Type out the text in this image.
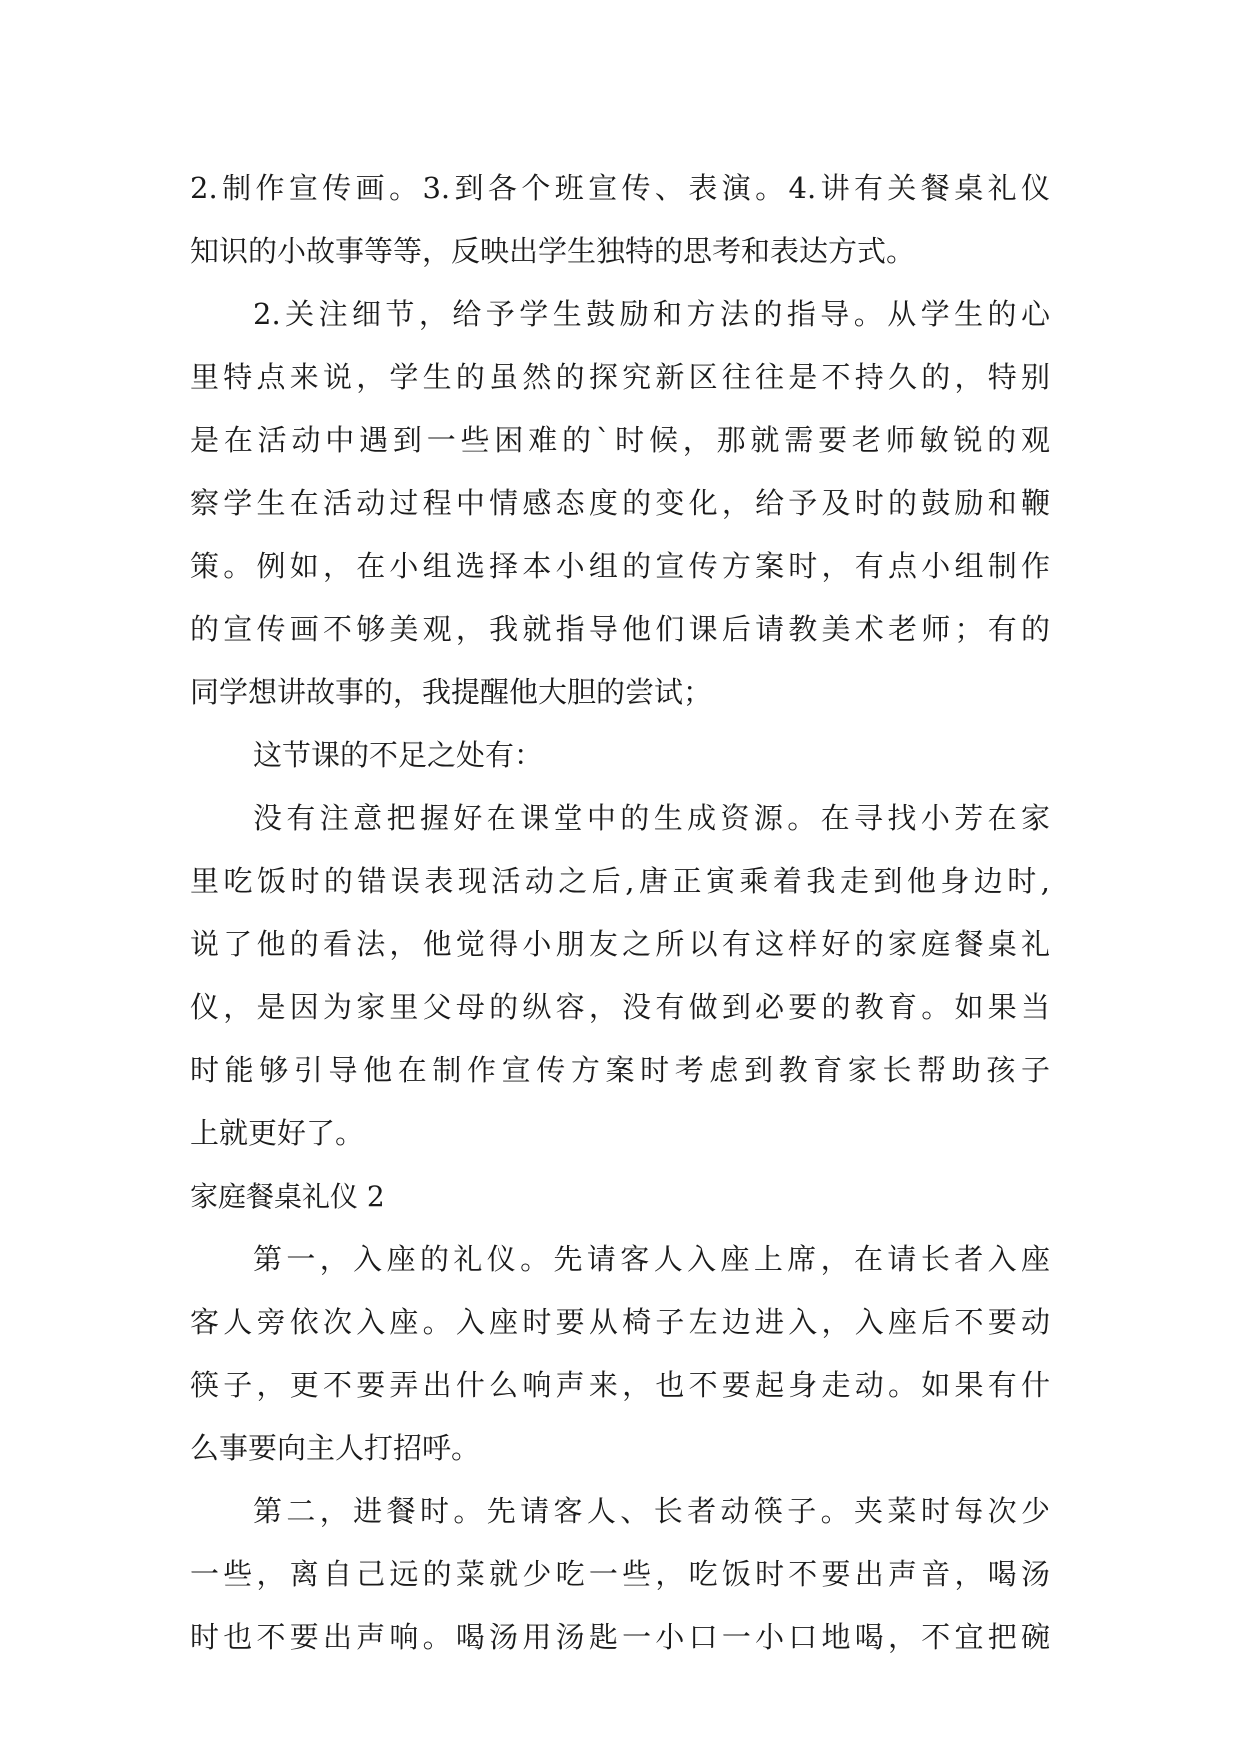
2.制作宣传画。3.到各个班宣传、表演。4.讲有关餐桌礼仪
知识的小故事等等，反映出学生独特的思考和表达方式。
2.关注细节，给予学生鼓励和方法的指导。从学生的心
里特点来说，学生的虽然的探究新区往往是不持久的，特别
是在活动中遇到一些困难的`时候，那就需要老师敏锐的观
察学生在活动过程中情感态度的变化，给予及时的鼓励和鞭
策。例如，在小组选择本小组的宣传方案时，有点小组制作
的宣传画不够美观，我就指导他们课后请教美术老师；有的
同学想讲故事的，我提醒他大胆的尝试；
这节课的不足之处有：
没有注意把握好在课堂中的生成资源。在寻找小芳在家
里吃饭时的错误表现活动之后,唐正寅乘着我走到他身边时,
说了他的看法，他觉得小朋友之所以有这样好的家庭餐桌礼
仪，是因为家里父母的纵容，没有做到必要的教育。如果当
时能够引导他在制作宣传方案时考虑到教育家长帮助孩子
上就更好了。
家庭餐桌礼仪 2
第一，入座的礼仪。先请客人入座上席，在请长者入座
客人旁依次入座。入座时要从椅子左边进入，入座后不要动
筷子，更不要弄出什么响声来，也不要起身走动。如果有什
么事要向主人打招呼。
第二，进餐时。先请客人、长者动筷子。夹菜时每次少
一些，离自己远的菜就少吃一些，吃饭时不要出声音，喝汤
时也不要出声响。喝汤用汤匙一小口一小口地喝，不宜把碗
